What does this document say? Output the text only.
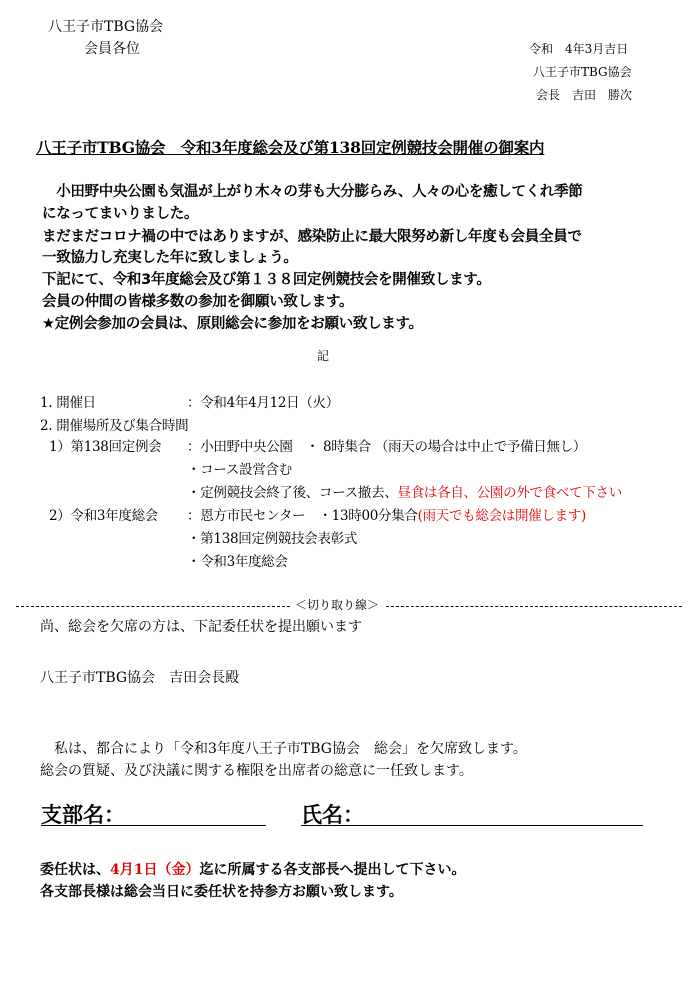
八王子市TBG協会
会員各位	令和　4年3月吉日
八王子市TBG協会
会長　吉田　勝次
八王子市TBG協会　令和3年度総会及び第138回定例競技会開催の御案内
　小田野中央公園も気温が上がり木々の芽も大分膨らみ、人々の心を癒してくれ季節
になってまいりました。
まだまだコロナ禍の中ではありますが、感染防止に最大限努め新し年度も会員全員で
一致協力し充実した年に致しましょう。
下記にて、令和3年度総会及び第１３８回定例競技会を開催致します。
会員の仲間の皆様多数の参加を御願い致します。
★定例会参加の会員は、原則総会に参加をお願い致します。
記
1. 開催日	：令和4年4月12日（火）
2. 開催場所及び集合時間
1）第138回定例会 ：小田野中央公園　・ 8時集合 （雨天の場合は中止で予備日無し）
・コース設営含む
・定例競技会終了後、コース撤去、昼食は各自、公園の外で食べて下さい
2）令和3年度総会 ：恩方市民センター　・13時00分集合(雨天でも総会は開催します)
・第138回定例競技会表彰式
・令和3年度総会
＜切り取り線＞
尚、総会を欠席の方は、下記委任状を提出願います
八王子市TBG協会　吉田会長殿
　私は、都合により「令和3年度八王子市TBG協会　総会」を欠席致します。
総会の質疑、及び決議に関する権限を出席者の総意に一任致します。
支部名：	氏名：
委任状は、4月1日（金）迄に所属する各支部長へ提出して下さい。
各支部長様は総会当日に委任状を持参方お願い致します。
